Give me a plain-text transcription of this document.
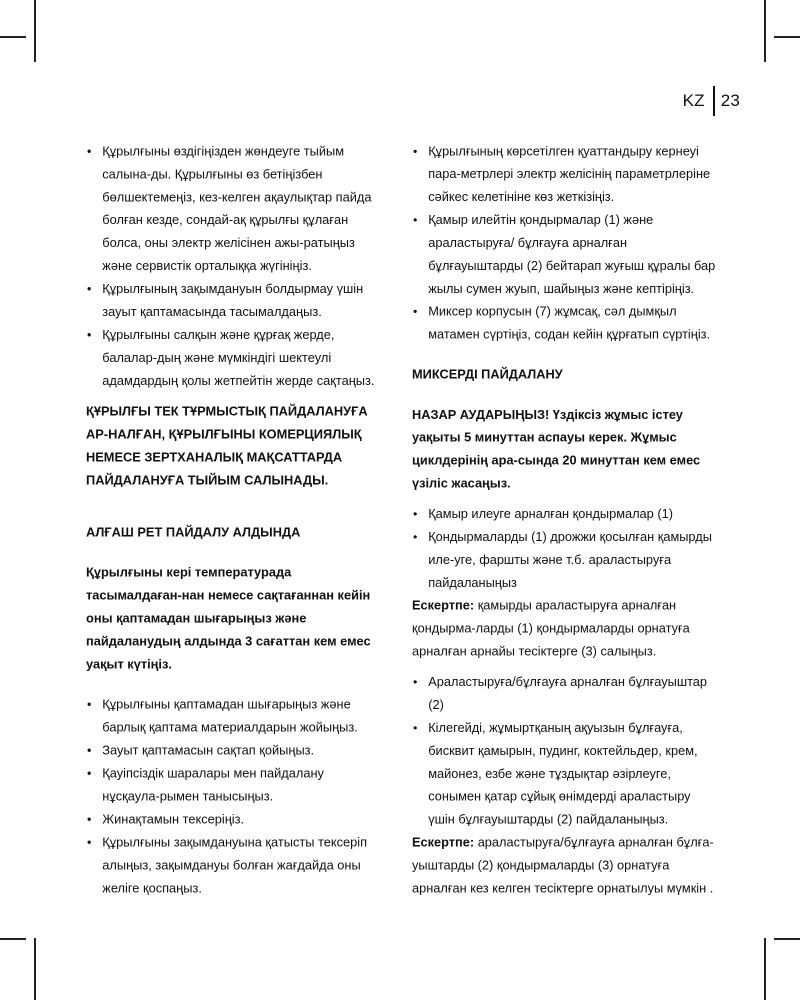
KZ 23
• Құрылғыны өздігіңізден жөндеуге тыйым салына-ды. Құрылғыны өз бетіңізбен бөлшектемеңіз, кез-келген ақаулықтар пайда болған кезде, сондай-ақ құрылғы құлаған болса, оны электр желісінен ажы-ратыңыз және сервистік орталыққа жүгініңіз.
• Құрылғының зақымдануын болдырмау үшін зауыт қаптамасында тасымалдаңыз.
• Құрылғыны салқын және құрғақ жерде, балалар-дың және мүмкіндігі шектеулі адамдардың қолы жетпейтін жерде сақтаңыз.

ҚҰРЫЛҒЫ ТЕК ТҰРМЫСТЫҚ ПАЙДАЛАНУҒА АР-НАЛҒАН, ҚҰРЫЛҒЫНЫ КОМЕРЦИЯЛЫҚ НЕМЕСЕ ЗЕРТХАНАЛЫҚ МАҚСАТТАРДА ПАЙДАЛАНУҒА ТЫЙЫМ САЛЫНАДЫ.

АЛҒАШ РЕТ ПАЙДАЛУ АЛДЫНДА

Құрылғыны кері температурада тасымалдаған-нан немесе сақтағаннан кейін оны қаптамадан шығарыңыз және пайдаланудың алдында 3 сағаттан кем емес уақыт күтіңіз.

• Құрылғыны қаптамадан шығарыңыз және барлық қаптама материалдарын жойыңыз.
• Зауыт қаптамасын сақтап қойыңыз.
• Қауіпсіздік шаралары мен пайдалану нұсқаула-рымен танысыңыз.
• Жинақтамын тексеріңіз.
• Құрылғыны зақымдануына қатысты тексеріп алыңыз, зақымдануы болған жағдайда оны желіге қоспаңыз.
• Құрылғының көрсетілген қуаттандыру кернеуі пара-метрлері электр желісінің параметрлеріне сәйкес келетініне көз жеткізіңіз.
• Қамыр илейтін қондырмалар (1) және араластыруға/ бұлғауға арналған бұлғауыштарды (2) бейтарап жуғыш құралы бар жылы сумен жуып, шайыңыз және кептіріңіз.
• Миксер корпусын (7) жұмсақ, сәл дымқыл матамен сүртіңіз, содан кейін құрғатып сүртіңіз.

МИКСЕРДІ ПАЙДАЛАНУ

НАЗАР АУДАРЫҢЫЗ! Үздіксіз жұмыс істеу уақыты 5 минуттан аспауы керек. Жұмыс циклдерінің ара-сында 20 минуттан кем емес үзіліс жасаңыз.

• Қамыр илеуге арналған қондырмалар (1)
• Қондырмаларды (1) дрожжи қосылған қамырды иле-уге, фаршты және т.б. араластыруға пайдаланыңыз

Ескертпе: қамырды араластыруға арналған қондырма-ларды (1) қондырмаларды орнатуға арналған арнайы тесіктерге (3) салыңыз.

• Араластыруға/бұлғауға арналған бұлғауыштар (2)
• Кілегейді, жұмыртқаның ақуызын бұлғауға, бисквит қамырын, пудинг, коктейльдер, крем, майонез, езбе және тұздықтар әзірлеуге, сонымен қатар сұйық өнімдерді араластыру үшін бұлғауыштарды (2) пайдаланыңыз.

Ескертпе: араластыруға/бұлғауға арналған бұлға-уыштарды (2) қондырмаларды (3) орнатуға арналған кез келген тесіктерге орнатылуы мүмкін .
